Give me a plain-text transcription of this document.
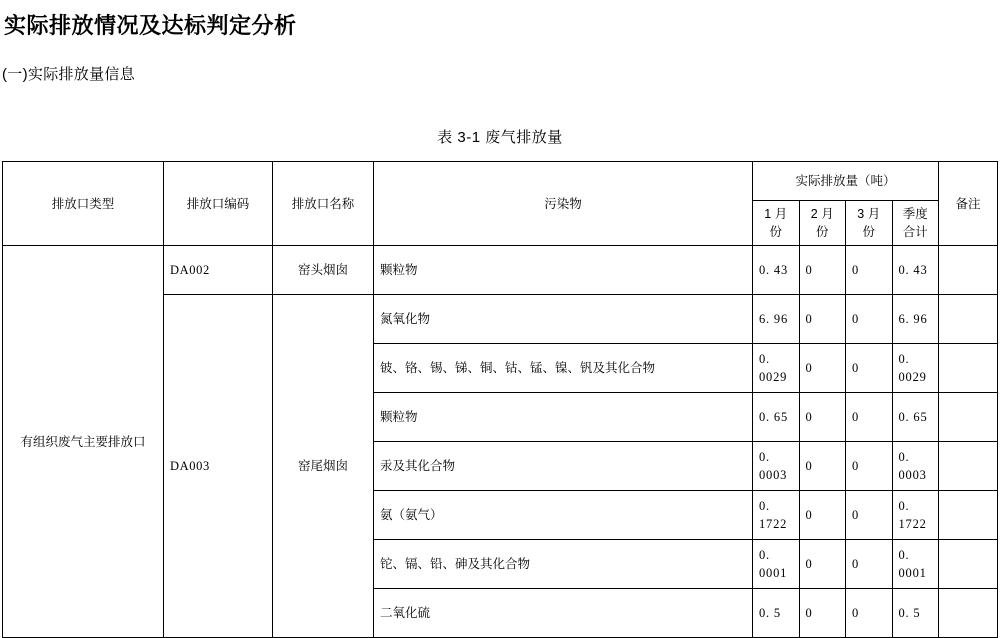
实际排放情况及达标判定分析
(一)实际排放量信息
表 3-1 废气排放量
排放口类型	排放口编码	排放口名称	污染物	实际排放量（吨）				备注
				1 月份	2 月份	3 月份	季度合计	
有组织废气主要排放口	DA002	窑头烟囱	颗粒物	0. 43	0	0	0. 43	
	DA003	窑尾烟囱	氮氧化物	6. 96	0	0	6. 96	
			铍、铬、锡、锑、铜、钴、锰、镍、钒及其化合物	0. 0029	0	0	0. 0029	
			颗粒物	0. 65	0	0	0. 65	
			汞及其化合物	0. 0003	0	0	0. 0003	
			氨（氨气）	0. 1722	0	0	0. 1722	
			铊、镉、铅、砷及其化合物	0. 0001	0	0	0. 0001	
			二氧化硫	0. 5	0	0	0. 5	
